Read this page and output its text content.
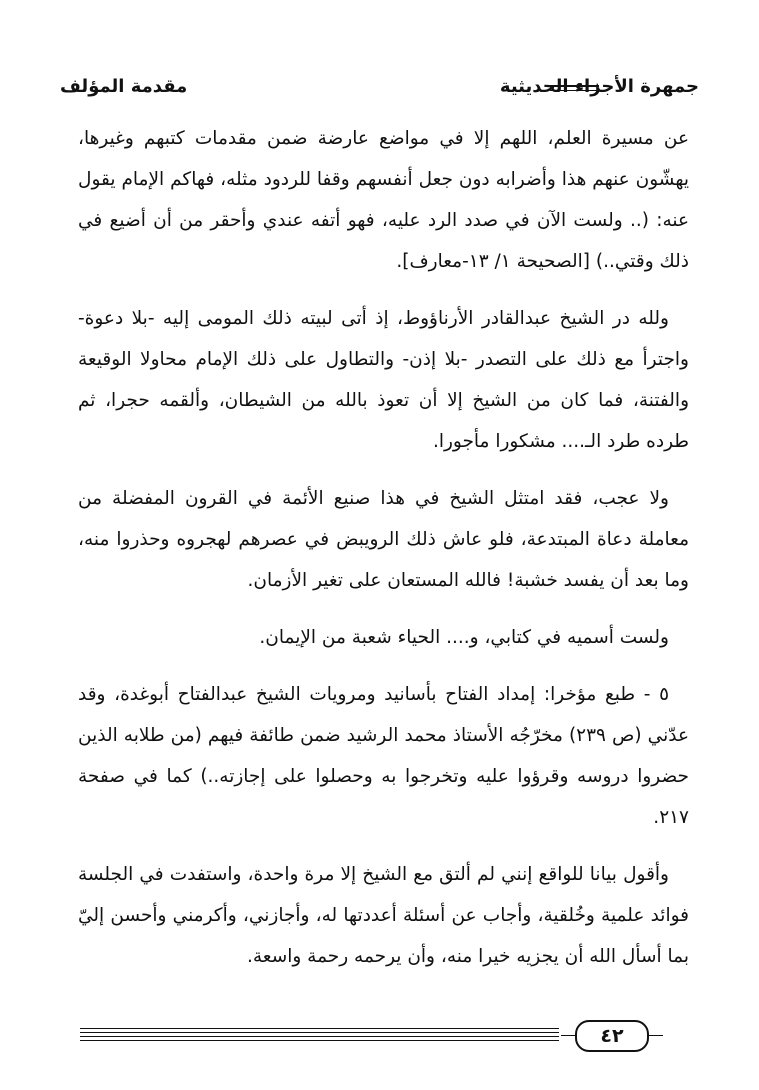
جمهرة الأجزاء الحديثية
مقدمة المؤلف

عن مسيرة العلم، اللهم إلا في مواضع عارضة ضمن مقدمات كتبهم وغيرها، يهشّون عنهم هذا وأضرابه دون جعل أنفسهم وقفا للردود مثله، فهاكم الإمام يقول عنه: (.. ولست الآن في صدد الرد عليه، فهو أتفه عندي وأحقر من أن أضيع في ذلك وقتي..) [الصحيحة ١/ ١٣-معارف].

ولله در الشيخ عبدالقادر الأرناؤوط، إذ أتى لبيته ذلك المومى إليه -بلا دعوة- واجترأ مع ذلك على التصدر -بلا إذن- والتطاول على ذلك الإمام محاولا الوقيعة والفتنة، فما كان من الشيخ إلا أن تعوذ بالله من الشيطان، وألقمه حجرا، ثم طرده طرد الـ.... مشكورا مأجورا.

ولا عجب، فقد امتثل الشيخ في هذا صنيع الأئمة في القرون المفضلة من معاملة دعاة المبتدعة، فلو عاش ذلك الرويبض في عصرهم لهجروه وحذروا منه، وما بعد أن يفسد خشبة! فالله المستعان على تغير الأزمان.

ولست أسميه في كتابي، و.... الحياء شعبة من الإيمان.

٥ - طبع مؤخرا: إمداد الفتاح بأسانيد ومرويات الشيخ عبدالفتاح أبوغدة، وقد عدّني (ص ٢٣٩) مخرّجُه الأستاذ محمد الرشيد ضمن طائفة فيهم (من طلابه الذين حضروا دروسه وقرؤوا عليه وتخرجوا به وحصلوا على إجازته..) كما في صفحة ٢١٧.

وأقول بيانا للواقع إنني لم ألتق مع الشيخ إلا مرة واحدة، واستفدت في الجلسة فوائد علمية وخُلقية، وأجاب عن أسئلة أعددتها له، وأجازني، وأكرمني وأحسن إليّ بما أسأل الله أن يجزيه خيرا منه، وأن يرحمه رحمة واسعة.

٤٢
